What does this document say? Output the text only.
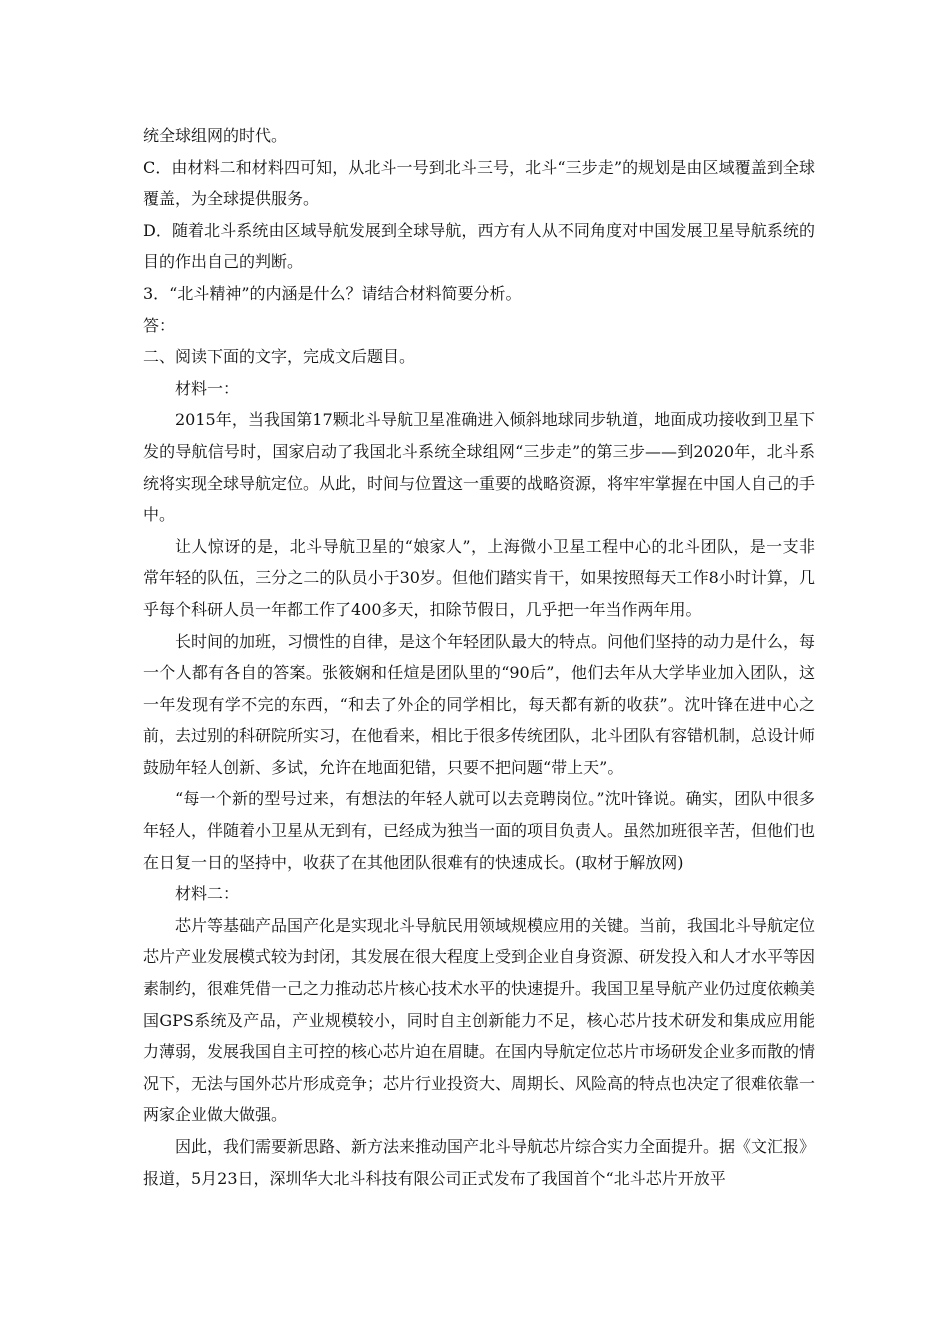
统全球组网的时代。

C．由材料二和材料四可知，从北斗一号到北斗三号，北斗“三步走”的规划是由区域覆盖到全球覆盖，为全球提供服务。

D．随着北斗系统由区域导航发展到全球导航，西方有人从不同角度对中国发展卫星导航系统的目的作出自己的判断。

3．“北斗精神”的内涵是什么？请结合材料简要分析。

答：

二、阅读下面的文字，完成文后题目。

材料一：

2015年，当我国第17颗北斗导航卫星准确进入倾斜地球同步轨道，地面成功接收到卫星下发的导航信号时，国家启动了我国北斗系统全球组网“三步走”的第三步——到2020年，北斗系统将实现全球导航定位。从此，时间与位置这一重要的战略资源，将牢牢掌握在中国人自己的手中。

让人惊讶的是，北斗导航卫星的“娘家人”，上海微小卫星工程中心的北斗团队，是一支非常年轻的队伍，三分之二的队员小于30岁。但他们踏实肯干，如果按照每天工作8小时计算，几乎每个科研人员一年都工作了400多天，扣除节假日，几乎把一年当作两年用。

长时间的加班，习惯性的自律，是这个年轻团队最大的特点。问他们坚持的动力是什么，每一个人都有各自的答案。张筱娴和任煊是团队里的“90后”，他们去年从大学毕业加入团队，这一年发现有学不完的东西，“和去了外企的同学相比，每天都有新的收获”。沈叶锋在进中心之前，去过别的科研院所实习，在他看来，相比于很多传统团队，北斗团队有容错机制，总设计师鼓励年轻人创新、多试，允许在地面犯错，只要不把问题“带上天”。

“每一个新的型号过来，有想法的年轻人就可以去竞聘岗位。”沈叶锋说。确实，团队中很多年轻人，伴随着小卫星从无到有，已经成为独当一面的项目负责人。虽然加班很辛苦，但他们也在日复一日的坚持中，收获了在其他团队很难有的快速成长。(取材于解放网)

材料二：

芯片等基础产品国产化是实现北斗导航民用领域规模应用的关键。当前，我国北斗导航定位芯片产业发展模式较为封闭，其发展在很大程度上受到企业自身资源、研发投入和人才水平等因素制约，很难凭借一己之力推动芯片核心技术水平的快速提升。我国卫星导航产业仍过度依赖美国GPS系统及产品，产业规模较小，同时自主创新能力不足，核心芯片技术研发和集成应用能力薄弱，发展我国自主可控的核心芯片迫在眉睫。在国内导航定位芯片市场研发企业多而散的情况下，无法与国外芯片形成竞争；芯片行业投资大、周期长、风险高的特点也决定了很难依靠一两家企业做大做强。

因此，我们需要新思路、新方法来推动国产北斗导航芯片综合实力全面提升。据《文汇报》报道，5月23日，深圳华大北斗科技有限公司正式发布了我国首个“北斗芯片开放平
